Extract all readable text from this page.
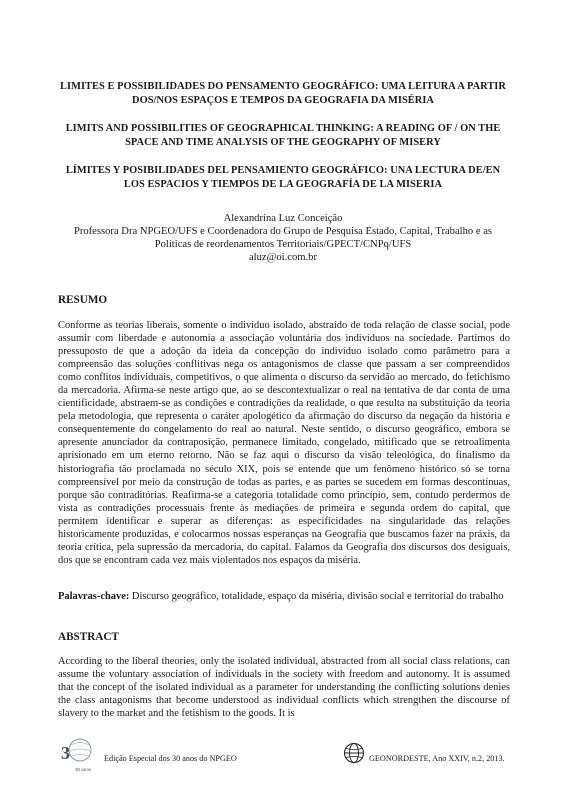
LIMITES E POSSIBILIDADES DO PENSAMENTO GEOGRÁFICO: UMA LEITURA A PARTIR DOS/NOS ESPAÇOS E TEMPOS DA GEOGRAFIA DA MISÉRIA

LIMITS AND POSSIBILITIES OF GEOGRAPHICAL THINKING: A READING OF / ON THE SPACE AND TIME ANALYSIS OF THE GEOGRAPHY OF MISERY

LÍMITES Y POSIBILIDADES DEL PENSAMIENTO GEOGRÁFICO: UNA LECTURA DE/EN LOS ESPACIOS Y TIEMPOS DE LA GEOGRAFÍA DE LA MISERIA

Alexandrina Luz Conceição
Professora Dra NPGEO/UFS e Coordenadora do Grupo de Pesquisa Estado, Capital, Trabalho e as
Políticas de reordenamentos Territoriais/GPECT/CNPq/UFS
aluz@oi.com.br
RESUMO
Conforme as teorias liberais, somente o indivíduo isolado, abstraído de toda relação de classe social, pode assumir com liberdade e autonomia a associação voluntária dos indivíduos na sociedade. Partimos do pressuposto de que a adoção da ideia da concepção do indivíduo isolado como parâmetro para a compreensão das soluções conflitivas nega os antagonismos de classe que passam a ser compreendidos como conflitos individuais, competitivos, o que alimenta o discurso da servidão ao mercado, do fetichismo da mercadoria. Afirma-se neste artigo que, ao se descontextualizar o real na tentativa de dar conta de uma cientificidade, abstraem-se as condições e contradições da realidade, o que resulta na substituição da teoria pela metodologia, que representa o caráter apologético da afirmação do discurso da negação da história e consequentemente do congelamento do real ao natural. Neste sentido, o discurso geográfico, embora se apresente anunciador da contraposição, permanece limitado, congelado, mitificado que se retroalimenta aprisionado em um eterno retorno. Não se faz aqui o discurso da visão teleológica, do finalismo da historiografia tão proclamada no século XIX, pois se entende que um fenômeno histórico só se torna compreensível por meio da construção de todas as partes, e as partes se sucedem em formas descontínuas, porque são contraditórias. Reafirma-se a categoria totalidade como princípio, sem, contudo perdermos de vista as contradições processuais frente às mediações de primeira e segunda ordem do capital, que permitem identificar e superar as diferenças: as especificidades na singularidade das relações historicamente produzidas, e colocarmos nossas esperanças na Geografia que buscamos fazer na práxis, da teoria crítica, pela supressão da mercadoria, do capital. Falamos da Geografia dos discursos dos desiguais, dos que se encontram cada vez mais violentados nos espaços da miséria.
Palavras-chave: Discurso geográfico, totalidade, espaço da miséria, divisão social e territorial do trabalho
ABSTRACT
According to the liberal theories, only the isolated individual, abstracted from all social class relations, can assume the voluntary association of individuals in the society with freedom and autonomy. It is assumed that the concept of the isolated individual as a parameter for understanding the conflicting solutions denies the class antagonisms that become understood as individual conflicts which strengthen the discourse of slavery to the market and the fetishism to the goods. It is
3
30 anos
Edição Especial dos 30 anos do NPGEO	GEONORDESTE, Ano XXIV, n.2, 2013.
